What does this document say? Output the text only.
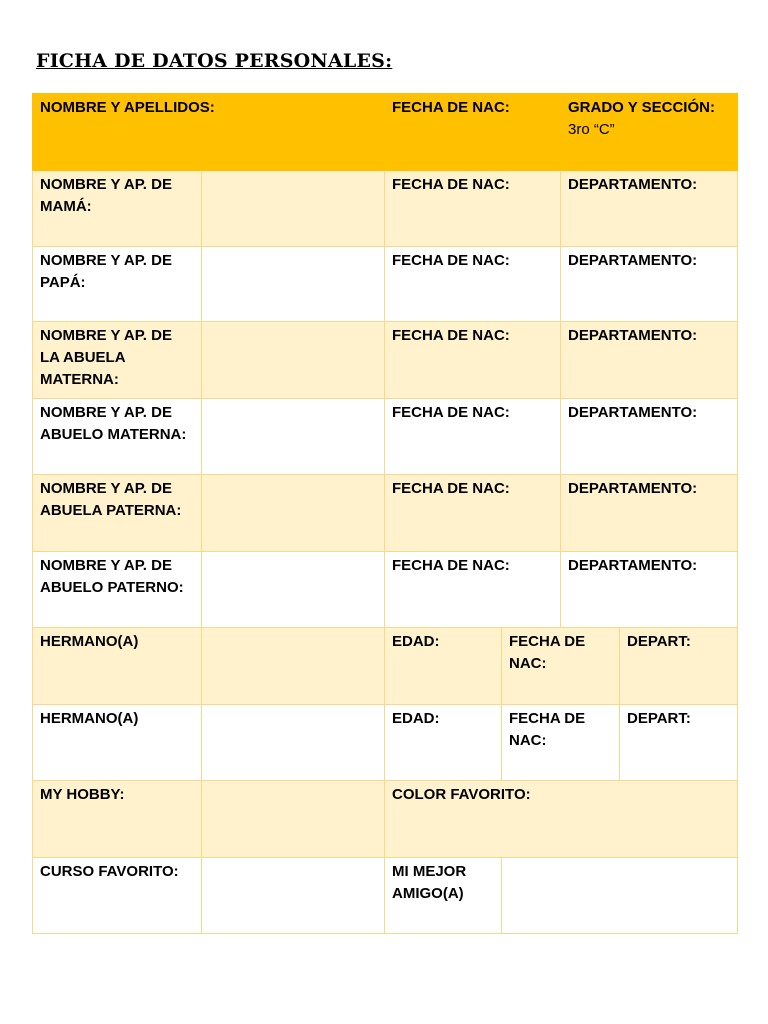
FICHA DE DATOS PERSONALES:
NOMBRE Y APELLIDOS:		FECHA DE NAC:		GRADO Y SECCIÓN:
3ro “C”	

NOMBRE Y AP. DE MAMÁ:		FECHA DE NAC:		DEPARTAMENTO:	
NOMBRE Y AP. DE PAPÁ:		FECHA DE NAC:		DEPARTAMENTO:	
NOMBRE Y AP. DE LA ABUELA MATERNA:		FECHA DE NAC:		DEPARTAMENTO:	
NOMBRE Y AP. DE ABUELO MATERNA:		FECHA DE NAC:		DEPARTAMENTO:	
NOMBRE Y AP. DE ABUELA PATERNA:		FECHA DE NAC:		DEPARTAMENTO:	
NOMBRE Y AP. DE ABUELO PATERNO:		FECHA DE NAC:		DEPARTAMENTO:	
HERMANO(A)		EDAD:	FECHA DE NAC:		DEPART:
HERMANO(A)		EDAD:	FECHA DE NAC:		DEPART:
MY HOBBY:		COLOR FAVORITO:			
CURSO FAVORITO:		MI MEJOR AMIGO(A)			
